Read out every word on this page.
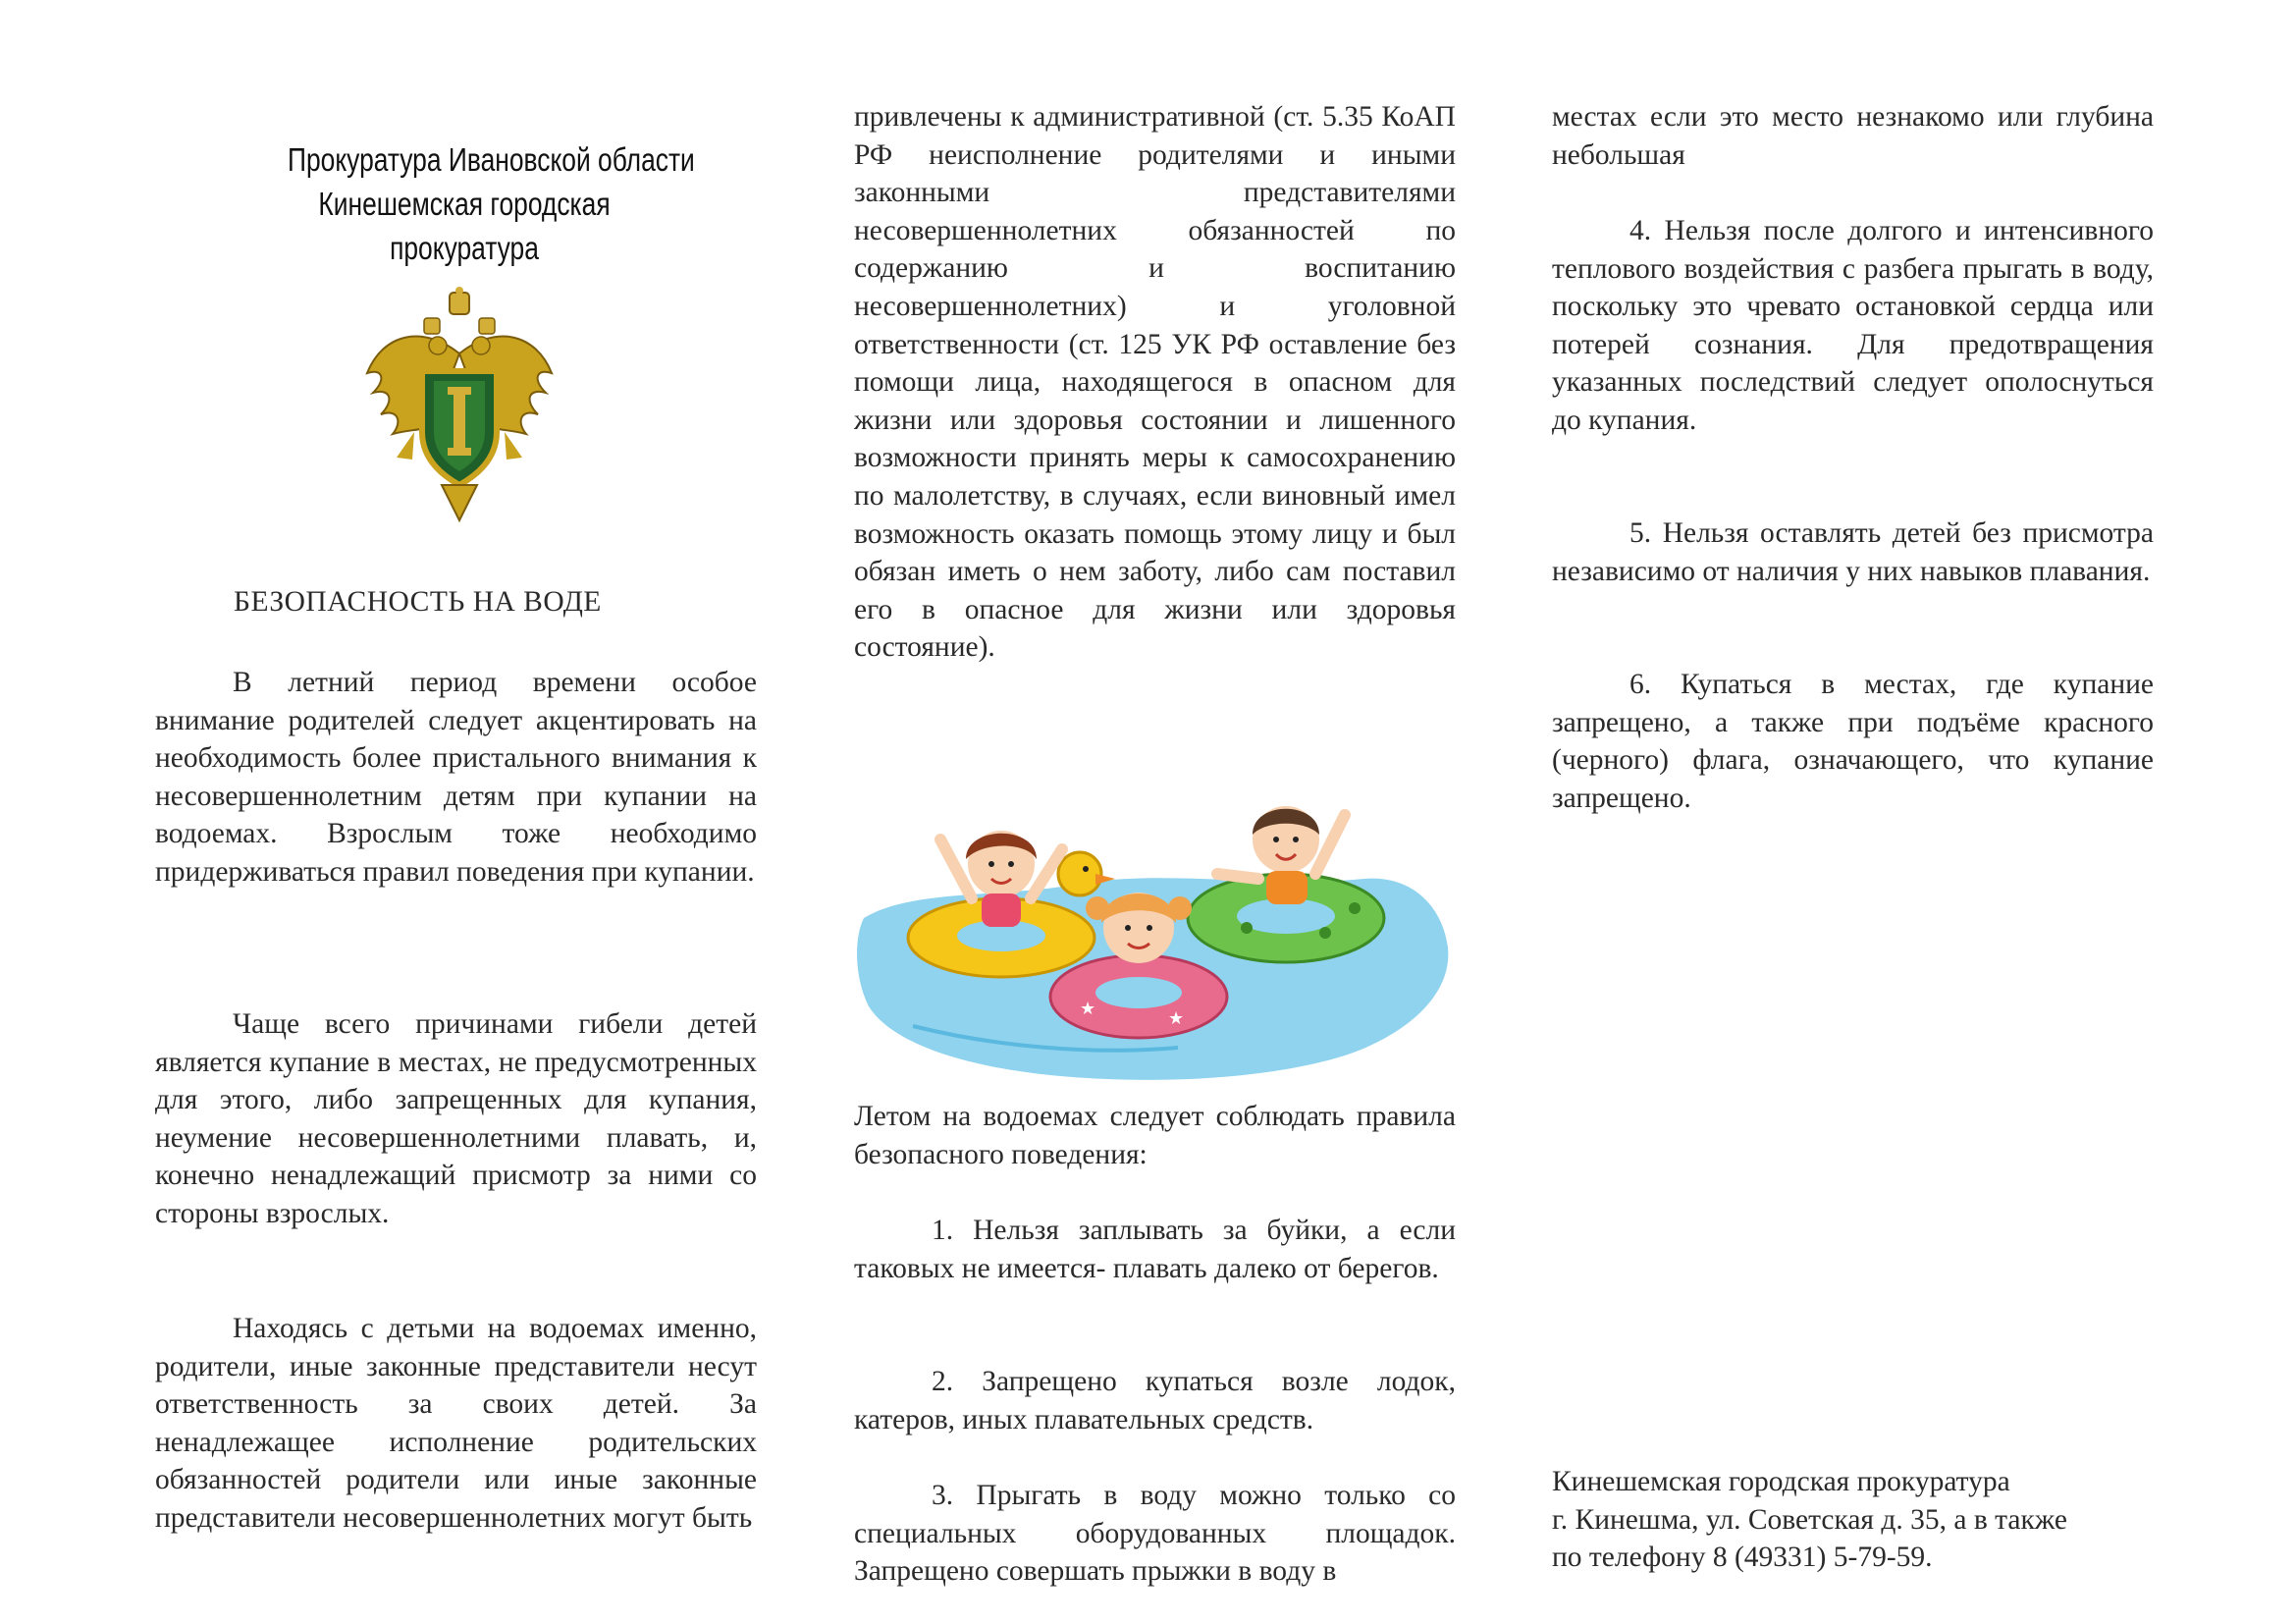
Прокуратура Ивановской области
Кинешемская городская
прокуратура

БЕЗОПАСНОСТЬ НА ВОДЕ

В летний период времени особое внимание родителей следует акцентировать на необходимость более пристального внимания к несовершеннолетним детям при купании на водоемах. Взрослым тоже необходимо придерживаться правил поведения при купании.

Чаще всего причинами гибели детей является купание в местах, не предусмотренных для этого, либо запрещенных для купания, неумение несовершеннолетними плавать, и, конечно ненадлежащий присмотр за ними со стороны взрослых.

Находясь с детьми на водоемах именно, родители, иные законные представители несут ответственность за своих детей. За ненадлежащее исполнение родительских обязанностей родители или иные законные представители несовершеннолетних могут быть

привлечены к административной (ст. 5.35 КоАП РФ неисполнение родителями и иными законными представителями несовершеннолетних обязанностей по содержанию и воспитанию несовершеннолетних) и уголовной ответственности (ст. 125 УК РФ оставление без помощи лица, находящегося в опасном для жизни или здоровья состоянии и лишенного возможности принять меры к самосохранению по малолетству, в случаях, если виновный имел возможность оказать помощь этому лицу и был обязан иметь о нем заботу, либо сам поставил его в опасное для жизни или здоровья состояние).

★	★

Летом на водоемах следует соблюдать правила безопасного поведения:

1. Нельзя заплывать за буйки, а если таковых не имеется- плавать далеко от берегов.

2. Запрещено купаться возле лодок, катеров, иных плавательных средств.

3. Прыгать в воду можно только со специальных оборудованных площадок. Запрещено совершать прыжки в воду в

местах если это место незнакомо или глубина небольшая

4. Нельзя после долгого и интенсивного теплового воздействия с разбега прыгать в воду, поскольку это чревато остановкой сердца или потерей сознания. Для предотвращения указанных последствий следует ополоснуться до купания.

5. Нельзя оставлять детей без присмотра независимо от наличия у них навыков плавания.

6. Купаться в местах, где купание запрещено, а также при подъёме красного (черного) флага, означающего, что купание запрещено.

Кинешемская городская прокуратура
г. Кинешма, ул. Советская д. 35, а в также
по телефону 8 (49331) 5-79-59.
